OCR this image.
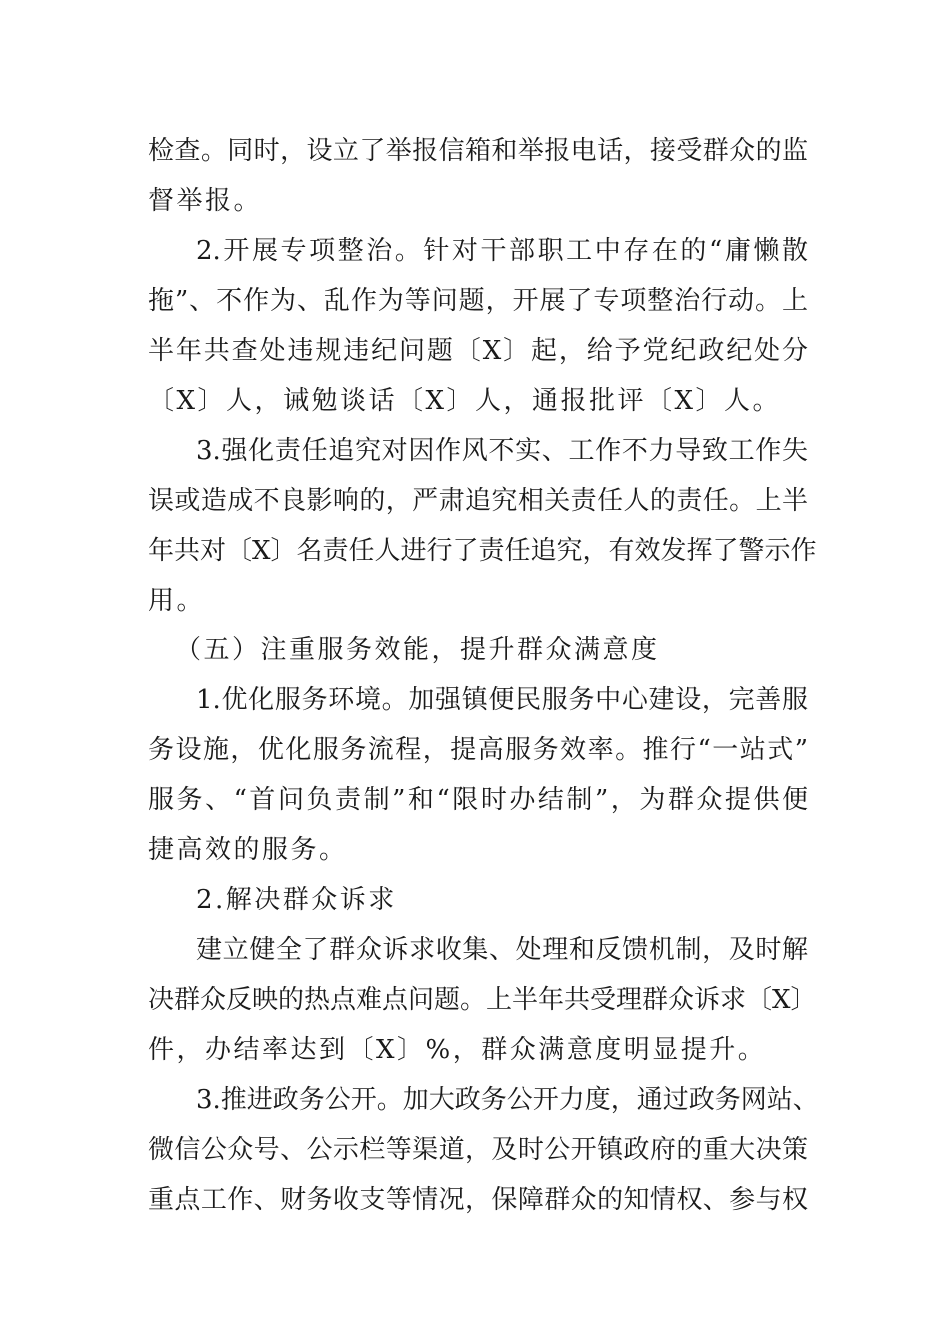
检查。同时，设立了举报信箱和举报电话，接受群众的监
督举报。
2.开展专项整治。针对干部职工中存在的“庸懒散
拖”、不作为、乱作为等问题，开展了专项整治行动。上
半年共查处违规违纪问题〔X〕起，给予党纪政纪处分
〔X〕人，诫勉谈话〔X〕人，通报批评〔X〕人。
3.强化责任追究对因作风不实、工作不力导致工作失
误或造成不良影响的，严肃追究相关责任人的责任。上半
年共对〔X〕名责任人进行了责任追究，有效发挥了警示作
用。
（五）注重服务效能，提升群众满意度
1.优化服务环境。加强镇便民服务中心建设，完善服
务设施，优化服务流程，提高服务效率。推行“一站式”
服务、“首问负责制”和“限时办结制”，为群众提供便
捷高效的服务。
2.解决群众诉求
建立健全了群众诉求收集、处理和反馈机制，及时解
决群众反映的热点难点问题。上半年共受理群众诉求〔X〕
件，办结率达到〔X〕%，群众满意度明显提升。
3.推进政务公开。加大政务公开力度，通过政务网站、
微信公众号、公示栏等渠道，及时公开镇政府的重大决策
重点工作、财务收支等情况，保障群众的知情权、参与权
